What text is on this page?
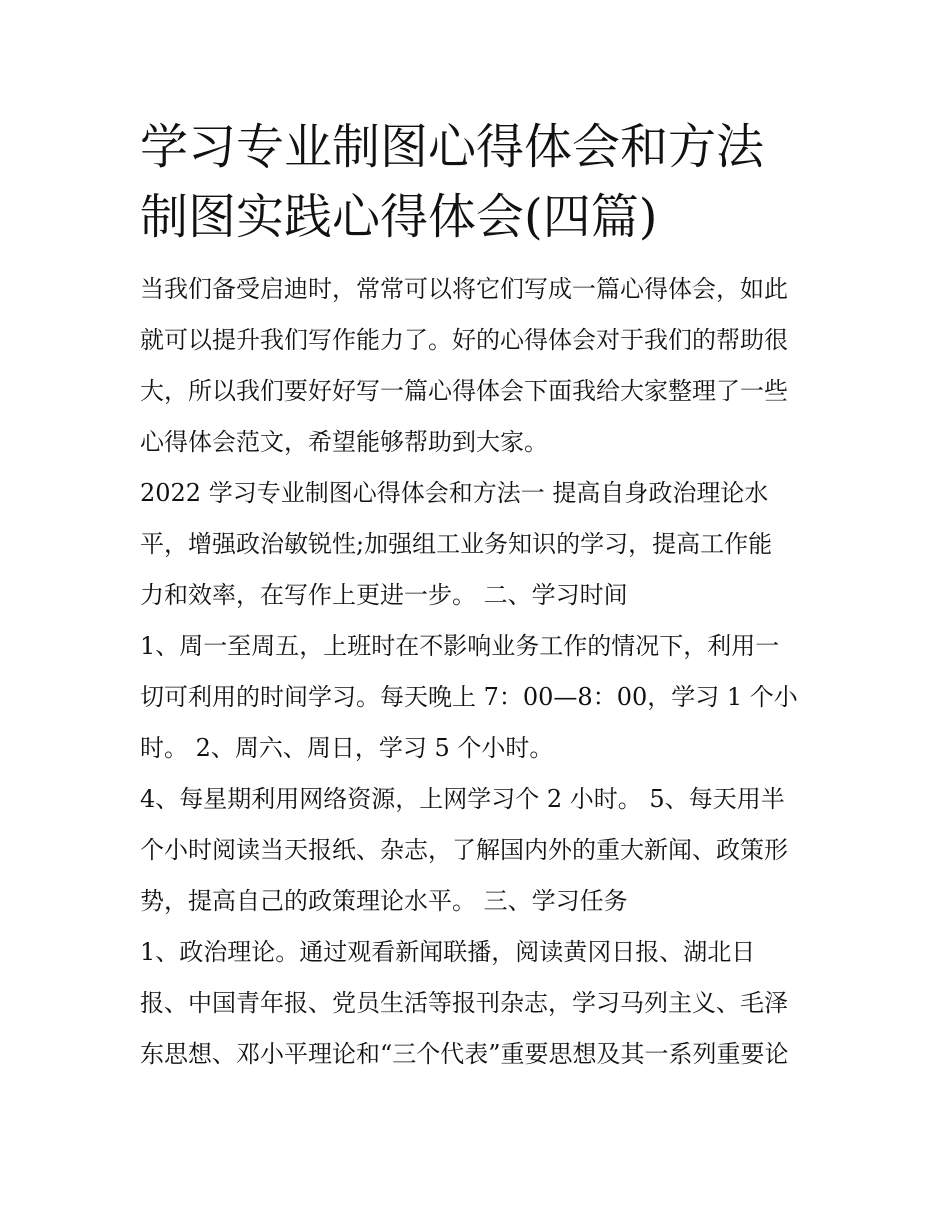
学习专业制图心得体会和方法
制图实践心得体会(四篇)
当我们备受启迪时，常常可以将它们写成一篇心得体会，如此
就可以提升我们写作能力了。好的心得体会对于我们的帮助很
大，所以我们要好好写一篇心得体会下面我给大家整理了一些
心得体会范文，希望能够帮助到大家。
2022 学习专业制图心得体会和方法一 提高自身政治理论水
平，增强政治敏锐性;加强组工业务知识的学习，提高工作能
力和效率，在写作上更进一步。 二、学习时间
1、周一至周五，上班时在不影响业务工作的情况下，利用一
切可利用的时间学习。每天晚上 7：00—8：00，学习 1 个小
时。 2、周六、周日，学习 5 个小时。
4、每星期利用网络资源，上网学习个 2 小时。 5、每天用半
个小时阅读当天报纸、杂志，了解国内外的重大新闻、政策形
势，提高自己的政策理论水平。 三、学习任务
1、政治理论。通过观看新闻联播，阅读黄冈日报、湖北日
报、中国青年报、党员生活等报刊杂志，学习马列主义、毛泽
东思想、邓小平理论和“三个代表”重要思想及其一系列重要论
